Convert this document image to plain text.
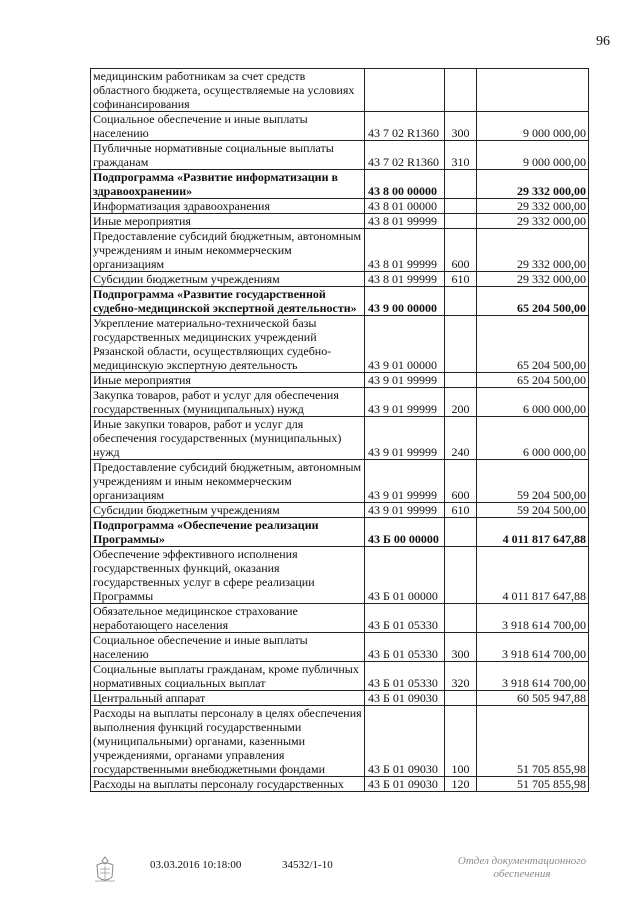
96
медицинским работникам за счет средств областного бюджета, осуществляемые на условиях софинансирования			
Социальное обеспечение и иные выплаты населению	43 7 02 R1360	300	9 000 000,00
Публичные нормативные социальные выплаты гражданам	43 7 02 R1360	310	9 000 000,00
Подпрограмма «Развитие информатизации в здравоохранении»	43 8 00 00000		29 332 000,00
Информатизация здравоохранения	43 8 01 00000		29 332 000,00
Иные мероприятия	43 8 01 99999		29 332 000,00
Предоставление субсидий бюджетным, автономным учреждениям и иным некоммерческим организациям	43 8 01 99999	600	29 332 000,00
Субсидии бюджетным учреждениям	43 8 01 99999	610	29 332 000,00
Подпрограмма «Развитие государственной судебно-медицинской экспертной деятельности»	43 9 00 00000		65 204 500,00
Укрепление материально-технической базы государственных медицинских учреждений Рязанской области, осуществляющих судебно-медицинскую экспертную деятельность	43 9 01 00000		65 204 500,00
Иные мероприятия	43 9 01 99999		65 204 500,00
Закупка товаров, работ и услуг для обеспечения государственных (муниципальных) нужд	43 9 01 99999	200	6 000 000,00
Иные закупки товаров, работ и услуг для обеспечения государственных (муниципальных) нужд	43 9 01 99999	240	6 000 000,00
Предоставление субсидий бюджетным, автономным учреждениям и иным некоммерческим организациям	43 9 01 99999	600	59 204 500,00
Субсидии бюджетным учреждениям	43 9 01 99999	610	59 204 500,00
Подпрограмма «Обеспечение реализации Программы»	43 Б 00 00000		4 011 817 647,88
Обеспечение эффективного исполнения государственных функций, оказания государственных услуг в сфере реализации Программы	43 Б 01 00000		4 011 817 647,88
Обязательное медицинское страхование неработающего населения	43 Б 01 05330		3 918 614 700,00
Социальное обеспечение и иные выплаты населению	43 Б 01 05330	300	3 918 614 700,00
Социальные выплаты гражданам, кроме публичных нормативных социальных выплат	43 Б 01 05330	320	3 918 614 700,00
Центральный аппарат	43 Б 01 09030		60 505 947,88
Расходы на выплаты персоналу в целях обеспечения выполнения функций государственными (муниципальными) органами, казенными учреждениями, органами управления государственными внебюджетными фондами	43 Б 01 09030	100	51 705 855,98
Расходы на выплаты персоналу государственных	43 Б 01 09030	120	51 705 855,98
03.03.2016 10:18:00	34532/1-10	Отдел документационного
обеспечения
